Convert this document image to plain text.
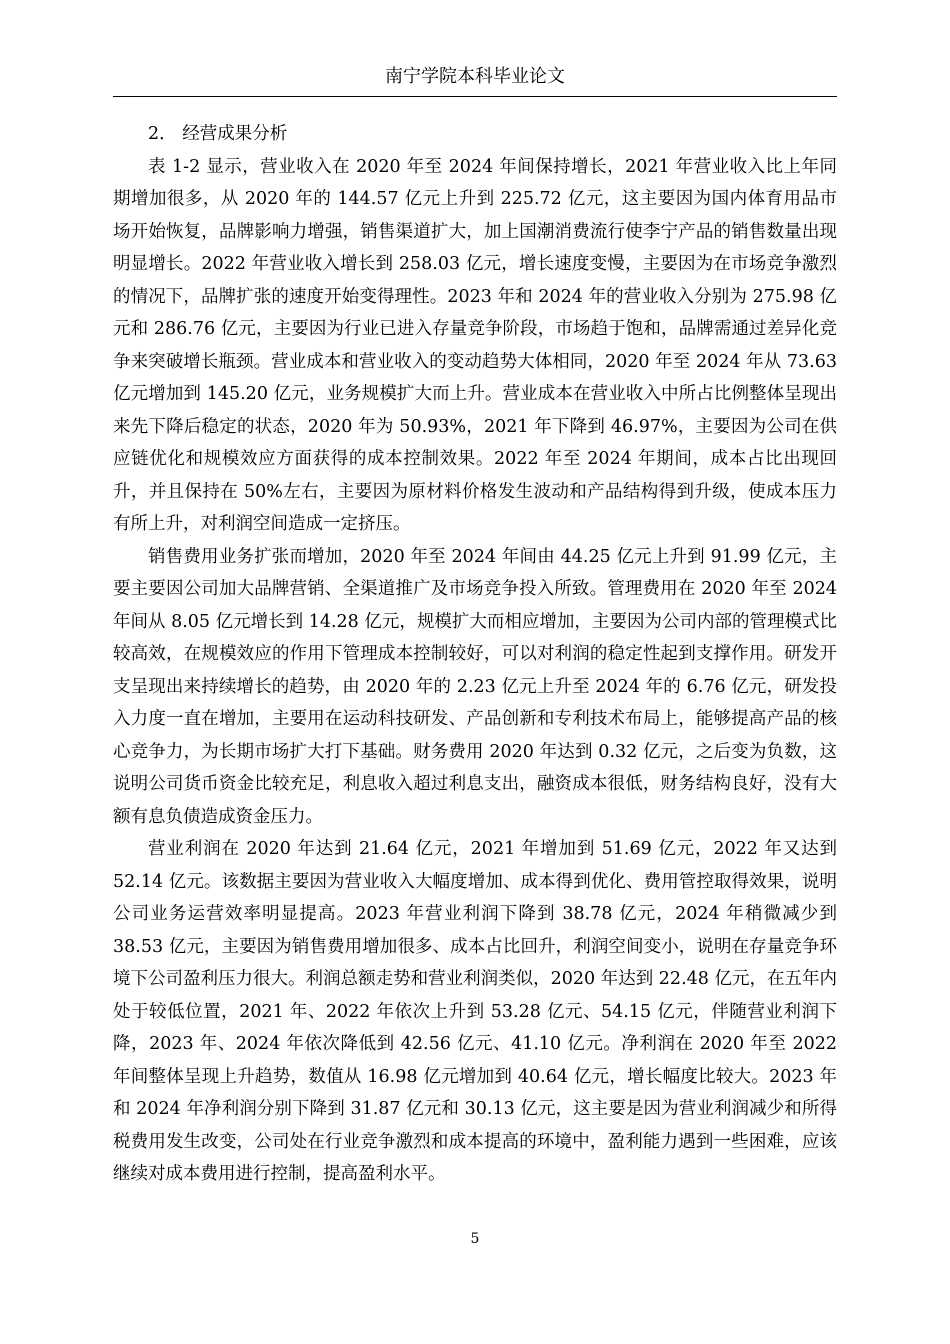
南宁学院本科毕业论文

2． 经营成果分析

表 1-2 显示，营业收入在 2020 年至 2024 年间保持增长，2021 年营业收入比上年同期增加很多，从 2020 年的 144.57 亿元上升到 225.72 亿元，这主要因为国内体育用品市场开始恢复，品牌影响力增强，销售渠道扩大，加上国潮消费流行使李宁产品的销售数量出现明显增长。2022 年营业收入增长到 258.03 亿元，增长速度变慢，主要因为在市场竞争激烈的情况下，品牌扩张的速度开始变得理性。2023 年和 2024 年的营业收入分别为 275.98 亿元和 286.76 亿元，主要因为行业已进入存量竞争阶段，市场趋于饱和，品牌需通过差异化竞争来突破增长瓶颈。营业成本和营业收入的变动趋势大体相同，2020 年至 2024 年从 73.63 亿元增加到 145.20 亿元，业务规模扩大而上升。营业成本在营业收入中所占比例整体呈现出来先下降后稳定的状态，2020 年为 50.93%，2021 年下降到 46.97%，主要因为公司在供应链优化和规模效应方面获得的成本控制效果。2022 年至 2024 年期间，成本占比出现回升，并且保持在 50%左右，主要因为原材料价格发生波动和产品结构得到升级，使成本压力有所上升，对利润空间造成一定挤压。

销售费用业务扩张而增加，2020 年至 2024 年间由 44.25 亿元上升到 91.99 亿元，主要主要因公司加大品牌营销、全渠道推广及市场竞争投入所致。管理费用在 2020 年至 2024 年间从 8.05 亿元增长到 14.28 亿元，规模扩大而相应增加，主要因为公司内部的管理模式比较高效，在规模效应的作用下管理成本控制较好，可以对利润的稳定性起到支撑作用。研发开支呈现出来持续增长的趋势，由 2020 年的 2.23 亿元上升至 2024 年的 6.76 亿元，研发投入力度一直在增加，主要用在运动科技研发、产品创新和专利技术布局上，能够提高产品的核心竞争力，为长期市场扩大打下基础。财务费用 2020 年达到 0.32 亿元，之后变为负数，这说明公司货币资金比较充足，利息收入超过利息支出，融资成本很低，财务结构良好，没有大额有息负债造成资金压力。

营业利润在 2020 年达到 21.64 亿元，2021 年增加到 51.69 亿元，2022 年又达到 52.14 亿元。该数据主要因为营业收入大幅度增加、成本得到优化、费用管控取得效果，说明公司业务运营效率明显提高。2023 年营业利润下降到 38.78 亿元，2024 年稍微减少到 38.53 亿元，主要因为销售费用增加很多、成本占比回升，利润空间变小，说明在存量竞争环境下公司盈利压力很大。利润总额走势和营业利润类似，2020 年达到 22.48 亿元，在五年内处于较低位置，2021 年、2022 年依次上升到 53.28 亿元、54.15 亿元，伴随营业利润下降，2023 年、2024 年依次降低到 42.56 亿元、41.10 亿元。净利润在 2020 年至 2022 年间整体呈现上升趋势，数值从 16.98 亿元增加到 40.64 亿元，增长幅度比较大。2023 年和 2024 年净利润分别下降到 31.87 亿元和 30.13 亿元，这主要是因为营业利润减少和所得税费用发生改变，公司处在行业竞争激烈和成本提高的环境中，盈利能力遇到一些困难，应该继续对成本费用进行控制，提高盈利水平。

5
